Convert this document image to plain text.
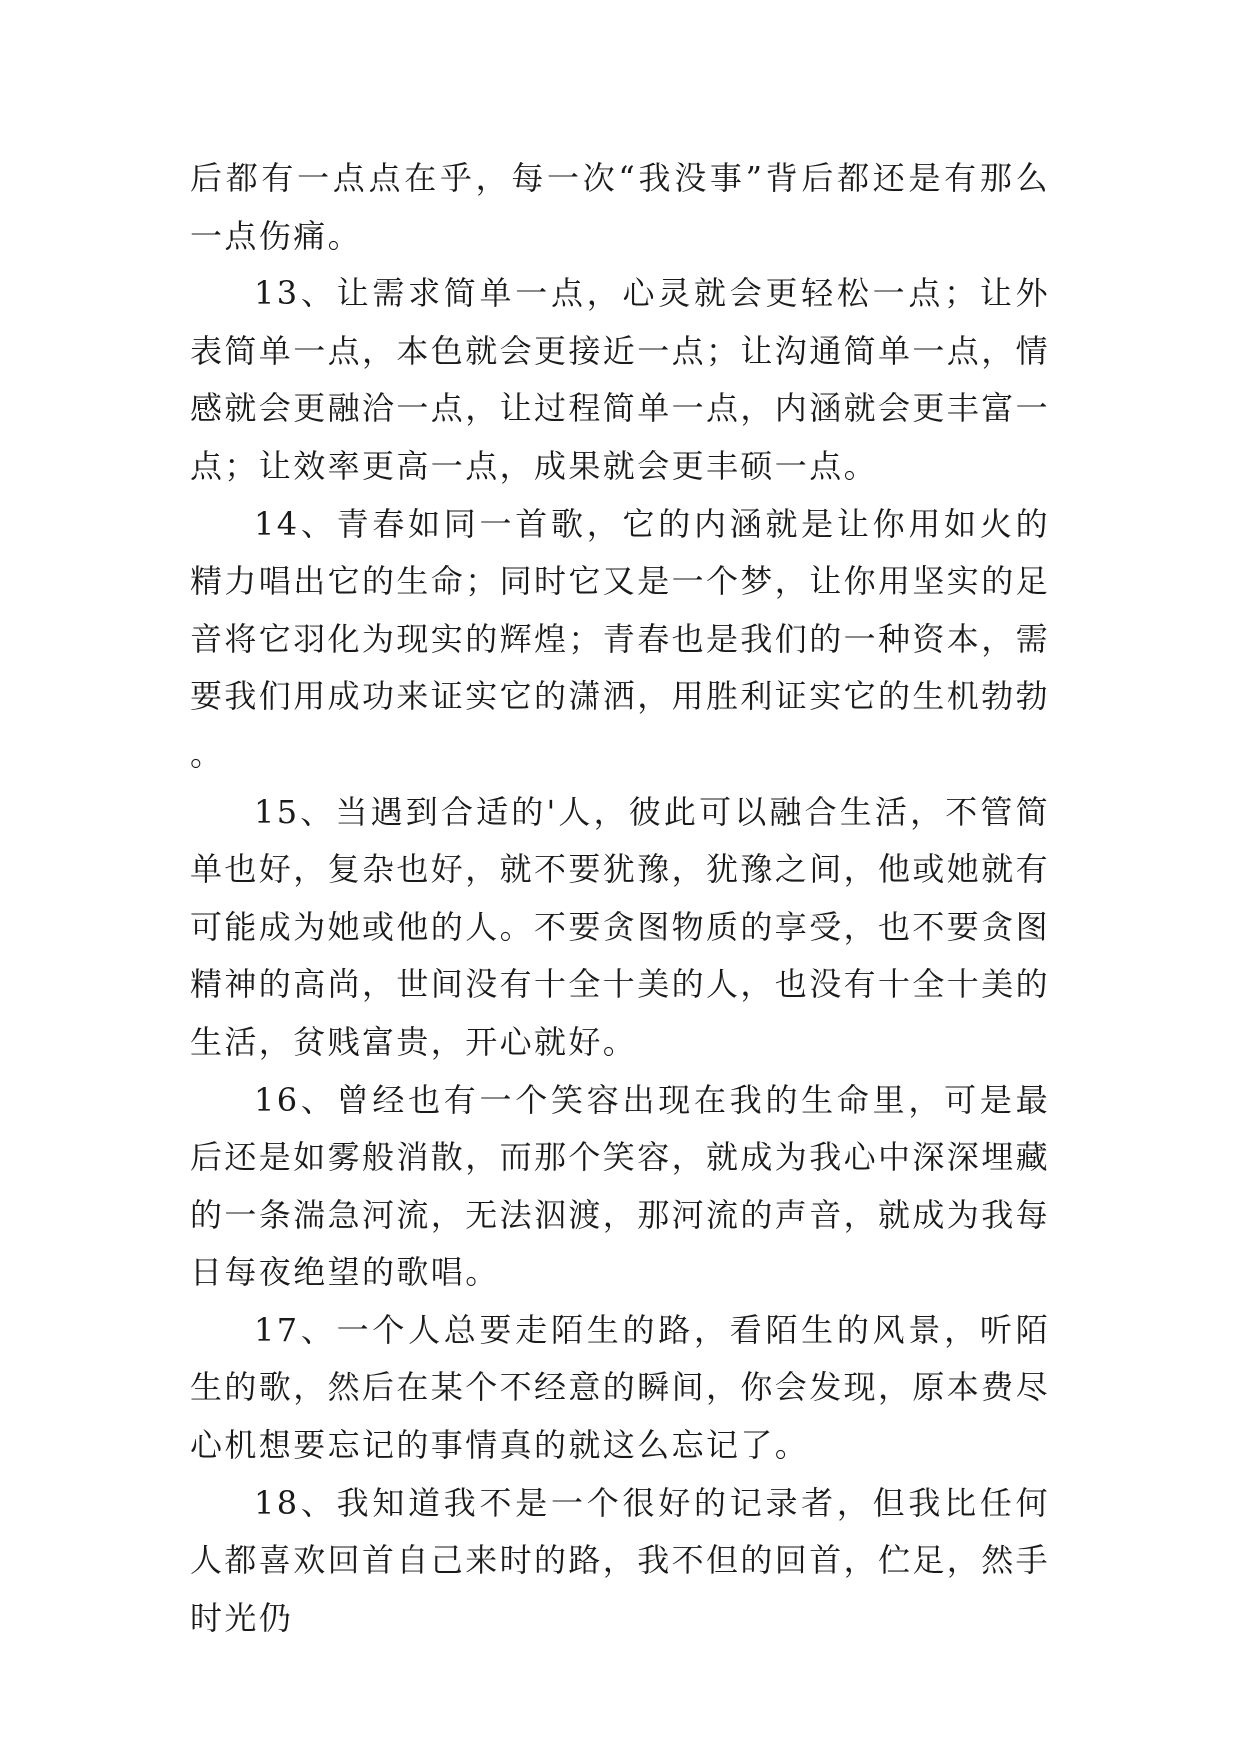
后都有一点点在乎，每一次“我没事”背后都还是有那么一点伤痛。

13、让需求简单一点，心灵就会更轻松一点；让外表简单一点，本色就会更接近一点；让沟通简单一点，情感就会更融洽一点，让过程简单一点，内涵就会更丰富一点；让效率更高一点，成果就会更丰硕一点。

14、青春如同一首歌，它的内涵就是让你用如火的精力唱出它的生命；同时它又是一个梦，让你用坚实的足音将它羽化为现实的辉煌；青春也是我们的一种资本，需要我们用成功来证实它的潇洒，用胜利证实它的生机勃勃。

15、当遇到合适的'人，彼此可以融合生活，不管简单也好，复杂也好，就不要犹豫，犹豫之间，他或她就有可能成为她或他的人。不要贪图物质的享受，也不要贪图精神的高尚，世间没有十全十美的人，也没有十全十美的生活，贫贱富贵，开心就好。

16、曾经也有一个笑容出现在我的生命里，可是最后还是如雾般消散，而那个笑容，就成为我心中深深埋藏的一条湍急河流，无法泅渡，那河流的声音，就成为我每日每夜绝望的歌唱。

17、一个人总要走陌生的路，看陌生的风景，听陌生的歌，然后在某个不经意的瞬间，你会发现，原本费尽心机想要忘记的事情真的就这么忘记了。

18、我知道我不是一个很好的记录者，但我比任何人都喜欢回首自己来时的路，我不但的回首，伫足，然手时光仍
